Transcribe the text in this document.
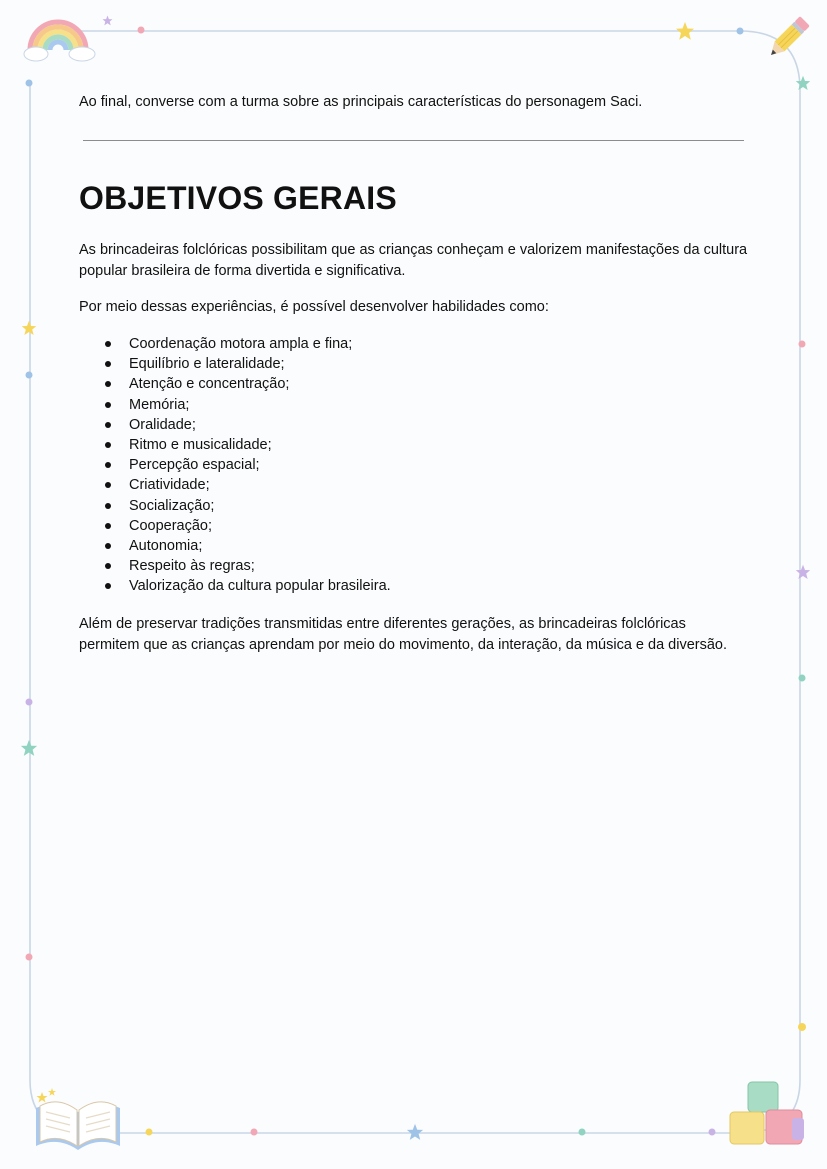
Ao final, converse com a turma sobre as principais características do personagem Saci.

OBJETIVOS GERAIS

As brincadeiras folclóricas possibilitam que as crianças conheçam e valorizem manifestações da cultura popular brasileira de forma divertida e significativa.

Por meio dessas experiências, é possível desenvolver habilidades como:

Coordenação motora ampla e fina;
Equilíbrio e lateralidade;
Atenção e concentração;
Memória;
Oralidade;
Ritmo e musicalidade;
Percepção espacial;
Criatividade;
Socialização;
Cooperação;
Autonomia;
Respeito às regras;
Valorização da cultura popular brasileira.

Além de preservar tradições transmitidas entre diferentes gerações, as brincadeiras folclóricas permitem que as crianças aprendam por meio do movimento, da interação, da música e da diversão.
